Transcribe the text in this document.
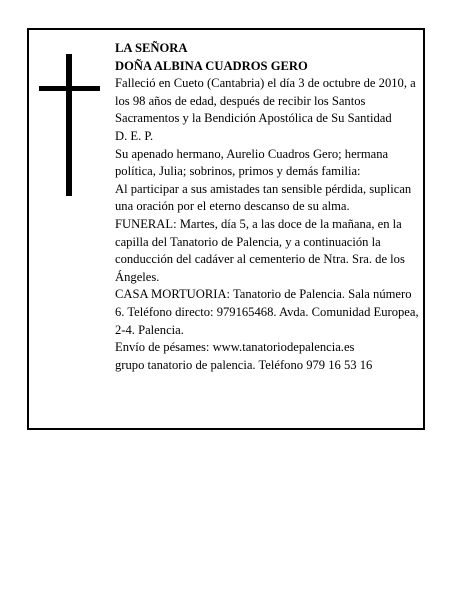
LA SEÑORA

DOÑA ALBINA CUADROS GERO

Falleció en Cueto (Cantabria) el día 3 de octubre de 2010, a los 98 años de edad, después de recibir los Santos Sacramentos y la Bendición Apostólica de Su Santidad

D. E. P.

Su apenado hermano, Aurelio Cuadros Gero; hermana política, Julia; sobrinos, primos y demás familia:

Al participar a sus amistades tan sensible pérdida, suplican una oración por el eterno descanso de su alma.

FUNERAL: Martes, día 5, a las doce de la mañana, en la capilla del Tanatorio de Palencia, y a continuación la conducción del cadáver al cementerio de Ntra. Sra. de los Ángeles.

CASA MORTUORIA: Tanatorio de Palencia. Sala número 6. Teléfono directo: 979165468. Avda. Comunidad Europea, 2-4. Palencia.

Envío de pésames: www.tanatoriodepalencia.es

grupo tanatorio de palencia. Teléfono 979 16 53 16
